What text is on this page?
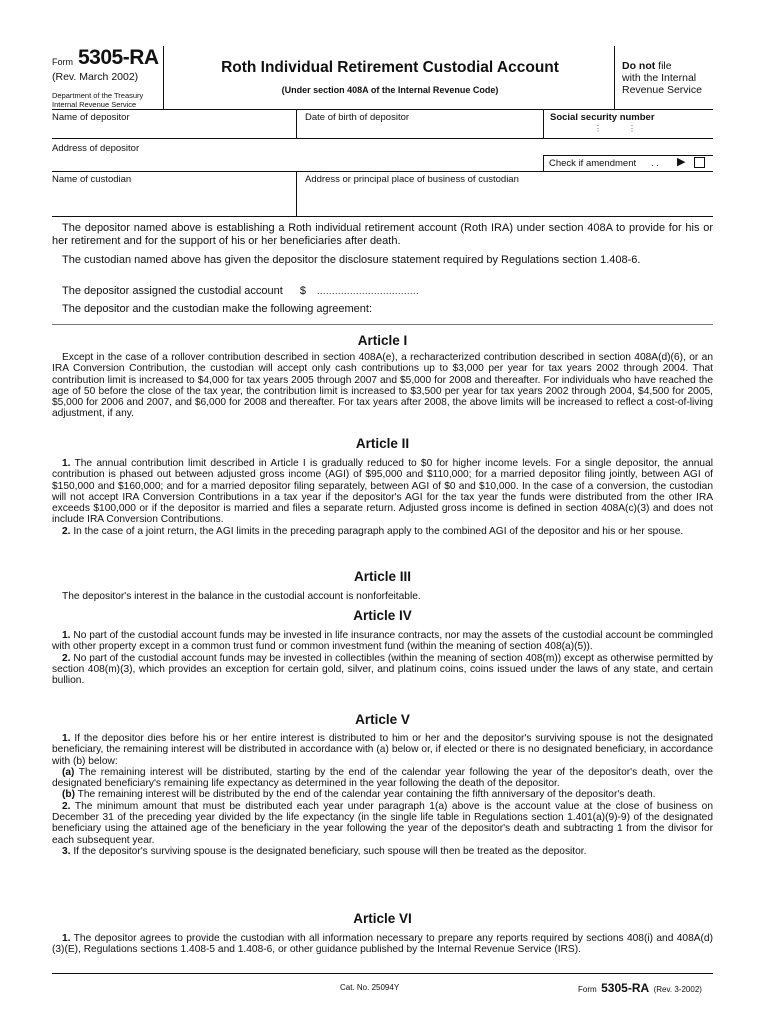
Form 5305-RA
(Rev. March 2002)
Department of the Treasury
Internal Revenue Service
Roth Individual Retirement Custodial Account
(Under section 408A of the Internal Revenue Code)
Do not file
with the Internal
Revenue Service
Name of depositor	Date of birth of depositor	Social security number
⋮	⋮
Address of depositor
Check if amendment . . ▶
Name of custodian	Address or principal place of business of custodian
The depositor named above is establishing a Roth individual retirement account (Roth IRA) under section 408A to provide for his or her retirement and for the support of his or her beneficiaries after death.
The custodian named above has given the depositor the disclosure statement required by Regulations section 1.408-6.
The depositor assigned the custodial account $ ..................................
The depositor and the custodian make the following agreement:
Article I

Except in the case of a rollover contribution described in section 408A(e), a recharacterized contribution described in section 408A(d)(6), or an IRA Conversion Contribution, the custodian will accept only cash contributions up to $3,000 per year for tax years 2002 through 2004. That contribution limit is increased to $4,000 for tax years 2005 through 2007 and $5,000 for 2008 and thereafter. For individuals who have reached the age of 50 before the close of the tax year, the contribution limit is increased to $3,500 per year for tax years 2002 through 2004, $4,500 for 2005, $5,000 for 2006 and 2007, and $6,000 for 2008 and thereafter. For tax years after 2008, the above limits will be increased to reflect a cost-of-living adjustment, if any.

Article II

1. The annual contribution limit described in Article I is gradually reduced to $0 for higher income levels. For a single depositor, the annual contribution is phased out between adjusted gross income (AGI) of $95,000 and $110,000; for a married depositor filing jointly, between AGI of $150,000 and $160,000; and for a married depositor filing separately, between AGI of $0 and $10,000. In the case of a conversion, the custodian will not accept IRA Conversion Contributions in a tax year if the depositor's AGI for the tax year the funds were distributed from the other IRA exceeds $100,000 or if the depositor is married and files a separate return. Adjusted gross income is defined in section 408A(c)(3) and does not include IRA Conversion Contributions.

2. In the case of a joint return, the AGI limits in the preceding paragraph apply to the combined AGI of the depositor and his or her spouse.

Article III

The depositor's interest in the balance in the custodial account is nonforfeitable.

Article IV

1. No part of the custodial account funds may be invested in life insurance contracts, nor may the assets of the custodial account be commingled with other property except in a common trust fund or common investment fund (within the meaning of section 408(a)(5)).

2. No part of the custodial account funds may be invested in collectibles (within the meaning of section 408(m)) except as otherwise permitted by section 408(m)(3), which provides an exception for certain gold, silver, and platinum coins, coins issued under the laws of any state, and certain bullion.

Article V

1. If the depositor dies before his or her entire interest is distributed to him or her and the depositor's surviving spouse is not the designated beneficiary, the remaining interest will be distributed in accordance with (a) below or, if elected or there is no designated beneficiary, in accordance with (b) below:

(a) The remaining interest will be distributed, starting by the end of the calendar year following the year of the depositor's death, over the designated beneficiary's remaining life expectancy as determined in the year following the death of the depositor.

(b) The remaining interest will be distributed by the end of the calendar year containing the fifth anniversary of the depositor's death.

2. The minimum amount that must be distributed each year under paragraph 1(a) above is the account value at the close of business on December 31 of the preceding year divided by the life expectancy (in the single life table in Regulations section 1.401(a)(9)-9) of the designated beneficiary using the attained age of the beneficiary in the year following the year of the depositor's death and subtracting 1 from the divisor for each subsequent year.

3. If the depositor's surviving spouse is the designated beneficiary, such spouse will then be treated as the depositor.

Article VI

1. The depositor agrees to provide the custodian with all information necessary to prepare any reports required by sections 408(i) and 408A(d)(3)(E), Regulations sections 1.408-5 and 1.408-6, or other guidance published by the Internal Revenue Service (IRS).

Cat. No. 25094Y	Form 5305-RA (Rev. 3-2002)
